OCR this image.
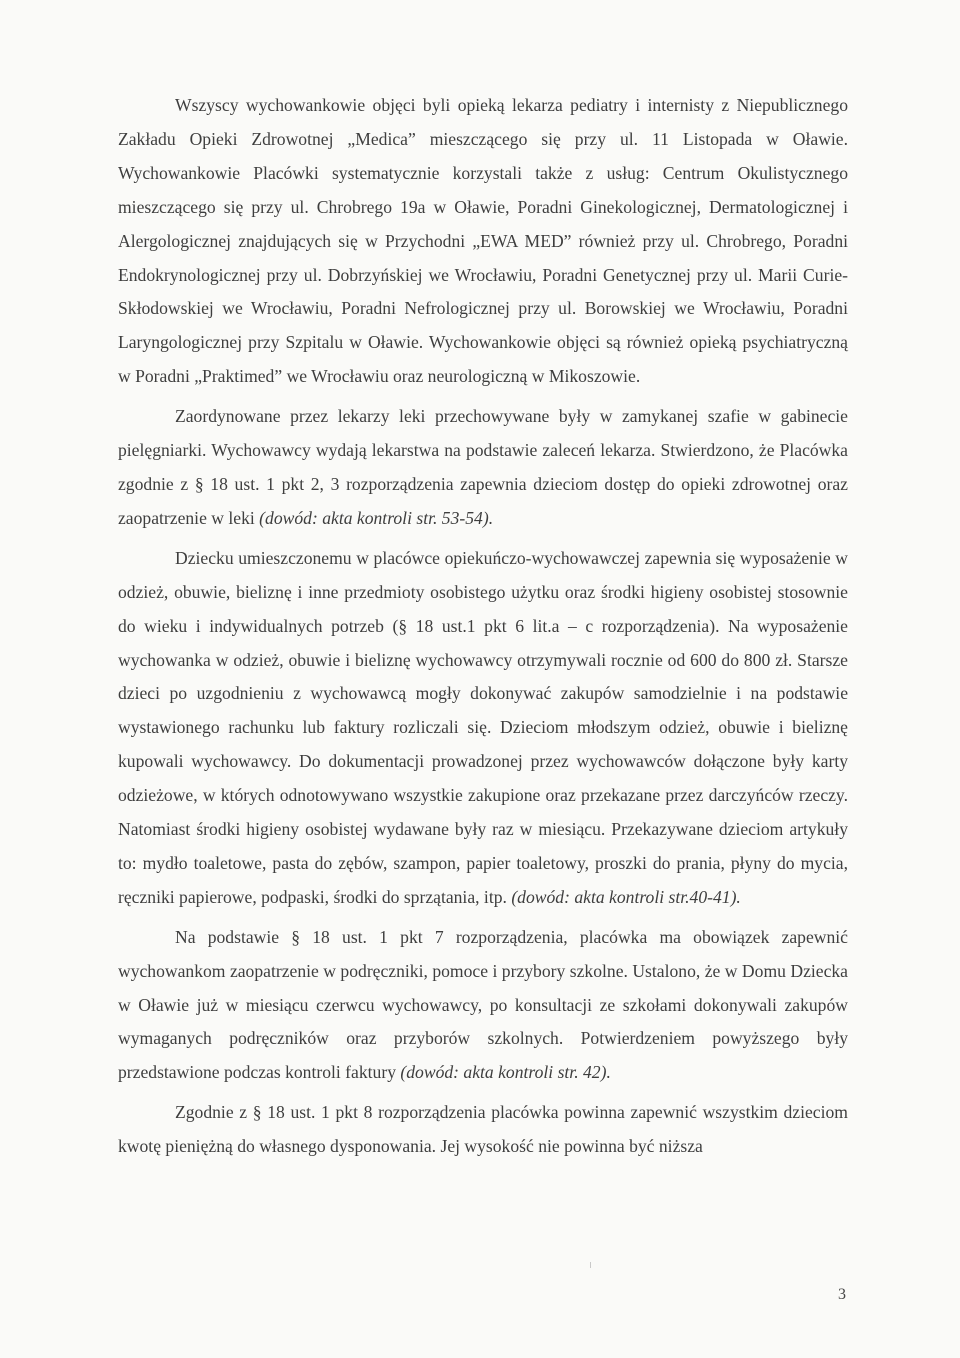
Wszyscy wychowankowie objęci byli opieką lekarza pediatry i internisty z Niepublicznego Zakładu Opieki Zdrowotnej „Medica” mieszczącego się przy ul. 11 Listopada w Oławie. Wychowankowie Placówki systematycznie korzystali także z usług: Centrum Okulistycznego mieszczącego się przy ul. Chrobrego 19a w Oławie, Poradni Ginekologicznej, Dermatologicznej i Alergologicznej znajdujących się w Przychodni „EWA MED” również przy ul. Chrobrego, Poradni Endokrynologicznej przy ul. Dobrzyńskiej we Wrocławiu, Poradni Genetycznej przy ul. Marii Curie-Skłodowskiej we Wrocławiu, Poradni Nefrologicznej przy ul. Borowskiej we Wrocławiu, Poradni Laryngologicznej przy Szpitalu w Oławie. Wychowankowie objęci są również opieką psychiatryczną w Poradni „Praktimed” we Wrocławiu oraz neurologiczną w Mikoszowie.

Zaordynowane przez lekarzy leki przechowywane były w zamykanej szafie w gabinecie pielęgniarki. Wychowawcy wydają lekarstwa na podstawie zaleceń lekarza. Stwierdzono, że Placówka zgodnie z § 18 ust. 1 pkt 2, 3 rozporządzenia zapewnia dzieciom dostęp do opieki zdrowotnej oraz zaopatrzenie w leki (dowód: akta kontroli str. 53-54).

Dziecku umieszczonemu w placówce opiekuńczo-wychowawczej zapewnia się wyposażenie w odzież, obuwie, bieliznę i inne przedmioty osobistego użytku oraz środki higieny osobistej stosownie do wieku i indywidualnych potrzeb (§ 18 ust.1 pkt 6 lit.a – c rozporządzenia). Na wyposażenie wychowanka w odzież, obuwie i bieliznę wychowawcy otrzymywali rocznie od 600 do 800 zł. Starsze dzieci po uzgodnieniu z wychowawcą mogły dokonywać zakupów samodzielnie i na podstawie wystawionego rachunku lub faktury rozliczali się. Dzieciom młodszym odzież, obuwie i bieliznę kupowali wychowawcy. Do dokumentacji prowadzonej przez wychowawców dołączone były karty odzieżowe, w których odnotowywano wszystkie zakupione oraz przekazane przez darczyńców rzeczy. Natomiast środki higieny osobistej wydawane były raz w miesiącu. Przekazywane dzieciom artykuły to: mydło toaletowe, pasta do zębów, szampon, papier toaletowy, proszki do prania, płyny do mycia, ręczniki papierowe, podpaski, środki do sprzątania, itp. (dowód: akta kontroli str.40-41).

Na podstawie § 18 ust. 1 pkt 7 rozporządzenia, placówka ma obowiązek zapewnić wychowankom zaopatrzenie w podręczniki, pomoce i przybory szkolne. Ustalono, że w Domu Dziecka w Oławie już w miesiącu czerwcu wychowawcy, po konsultacji ze szkołami dokonywali zakupów wymaganych podręczników oraz przyborów szkolnych. Potwierdzeniem powyższego były przedstawione podczas kontroli faktury (dowód: akta kontroli str. 42).

Zgodnie z § 18 ust. 1 pkt 8 rozporządzenia placówka powinna zapewnić wszystkim dzieciom kwotę pieniężną do własnego dysponowania. Jej wysokość nie powinna być niższa

3
